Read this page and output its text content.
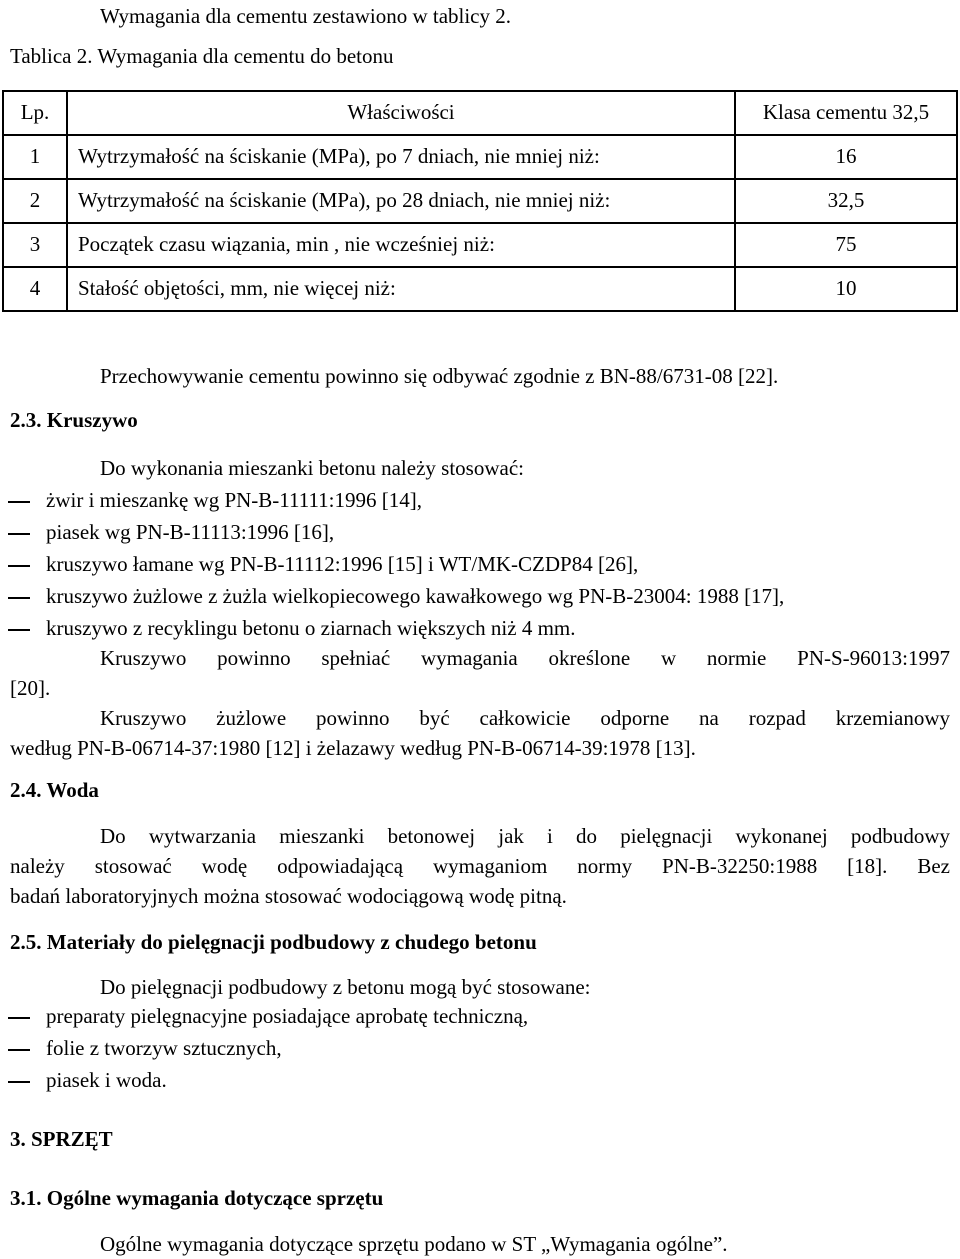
Wymagania dla cementu zestawiono w tablicy 2.
Tablica 2. Wymagania dla cementu do betonu
Lp.	Właściwości	Klasa cementu 32,5
1	Wytrzymałość na ściskanie (MPa), po 7 dniach, nie mniej niż:	16
2	Wytrzymałość na ściskanie (MPa), po 28 dniach, nie mniej niż:	32,5
3	Początek czasu wiązania, min , nie wcześniej niż:	75
4	Stałość objętości, mm, nie więcej niż:	10
Przechowywanie cementu powinno się odbywać zgodnie z BN-88/6731-08 [22].
2.3. Kruszywo
Do wykonania mieszanki betonu należy stosować:
żwir i mieszankę wg PN-B-11111:1996 [14],
piasek wg PN-B-11113:1996 [16],
kruszywo łamane wg PN-B-11112:1996 [15] i WT/MK-CZDP84 [26],
kruszywo żużlowe z żużla wielkopiecowego kawałkowego wg PN-B-23004: 1988 [17],
kruszywo z recyklingu betonu o ziarnach większych niż 4 mm.
Kruszywo powinno spełniać wymagania określone w normie PN-S-96013:1997
[20].
Kruszywo żużlowe powinno być całkowicie odporne na rozpad krzemianowy
według PN-B-06714-37:1980 [12] i żelazawy według PN-B-06714-39:1978 [13].
2.4. Woda
Do wytwarzania mieszanki betonowej jak i do pielęgnacji wykonanej podbudowy
należy stosować wodę odpowiadającą wymaganiom normy PN-B-32250:1988 [18]. Bez
badań laboratoryjnych można stosować wodociągową wodę pitną.
2.5. Materiały do pielęgnacji podbudowy z chudego betonu
Do pielęgnacji podbudowy z betonu mogą być stosowane:
preparaty pielęgnacyjne posiadające aprobatę techniczną,
folie z tworzyw sztucznych,
piasek i woda.
3. SPRZĘT
3.1. Ogólne wymagania dotyczące sprzętu
Ogólne wymagania dotyczące sprzętu podano w ST „Wymagania ogólne”.
